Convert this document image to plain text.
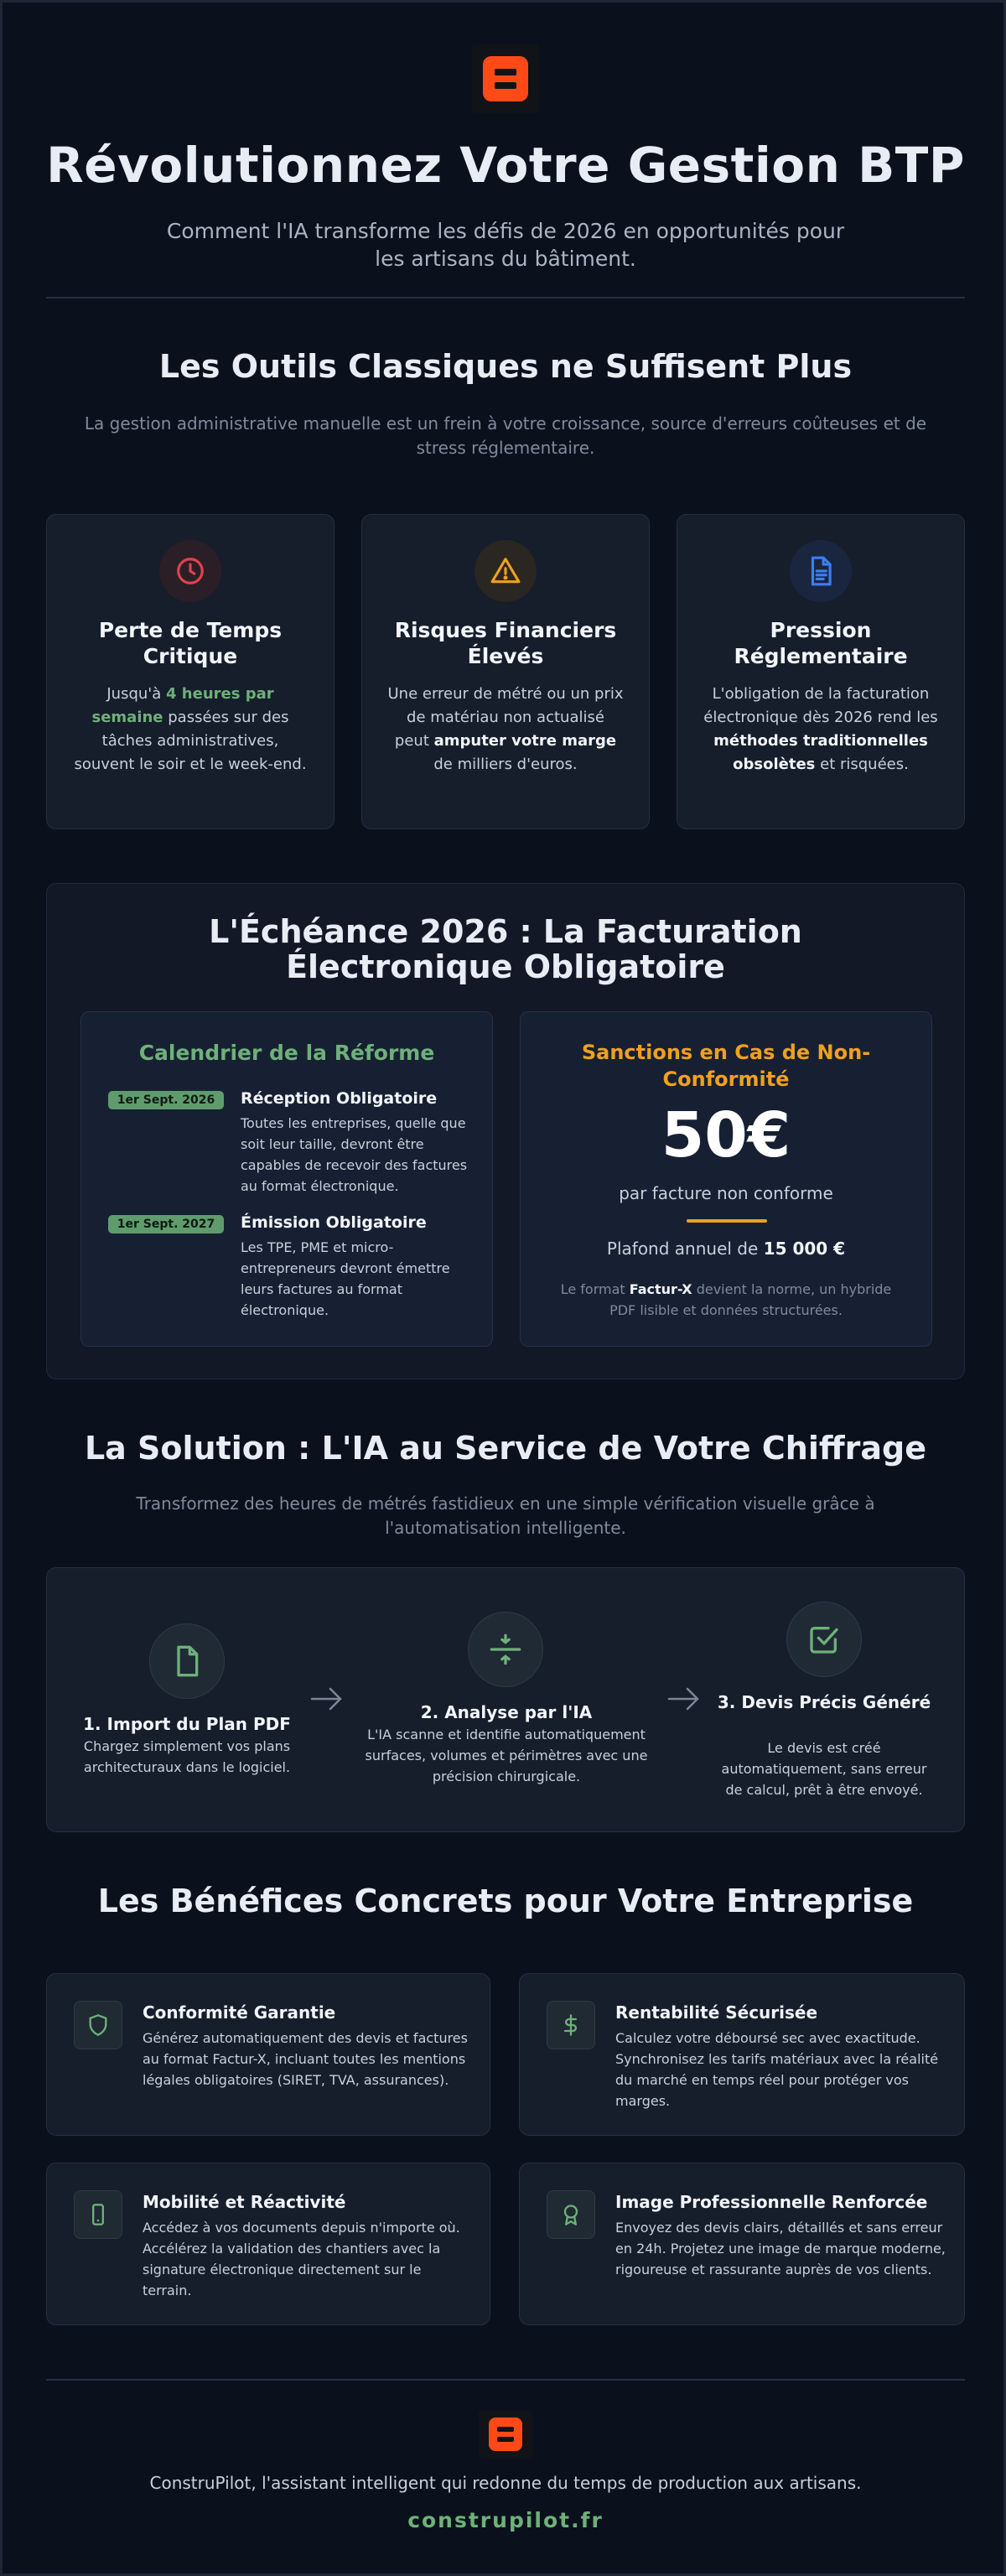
Révolutionnez Votre Gestion BTP
Comment l'IA transforme les défis de 2026 en opportunités pour les artisans du bâtiment.
Les Outils Classiques ne Suffisent Plus
La gestion administrative manuelle est un frein à votre croissance, source d'erreurs coûteuses et de stress réglementaire.
Perte de Temps Critique
Jusqu'à 4 heures par semaine passées sur des tâches administratives, souvent le soir et le week-end.
Risques Financiers Élevés
Une erreur de métré ou un prix de matériau non actualisé peut amputer votre marge de milliers d'euros.
Pression Réglementaire
L'obligation de la facturation électronique dès 2026 rend les méthodes traditionnelles obsolètes et risquées.
L'Échéance 2026 : La Facturation Électronique Obligatoire
Calendrier de la Réforme
1er Sept. 2026	Réception Obligatoire
Toutes les entreprises, quelle que soit leur taille, devront être capables de recevoir des factures au format électronique.
1er Sept. 2027	Émission Obligatoire
Les TPE, PME et micro-entrepreneurs devront émettre leurs factures au format électronique.
Sanctions en Cas de Non-Conformité
50€
par facture non conforme
Plafond annuel de 15 000 €
Le format Factur-X devient la norme, un hybride PDF lisible et données structurées.
La Solution : L'IA au Service de Votre Chiffrage
Transformez des heures de métrés fastidieux en une simple vérification visuelle grâce à l'automatisation intelligente.
1. Import du Plan PDF
Chargez simplement vos plans architecturaux dans le logiciel.
2. Analyse par l'IA
L'IA scanne et identifie automatiquement surfaces, volumes et périmètres avec une précision chirurgicale.
3. Devis Précis Généré
Le devis est créé automatiquement, sans erreur de calcul, prêt à être envoyé.
Les Bénéfices Concrets pour Votre Entreprise
Conformité Garantie
Générez automatiquement des devis et factures au format Factur-X, incluant toutes les mentions légales obligatoires (SIRET, TVA, assurances).
Rentabilité Sécurisée
Calculez votre déboursé sec avec exactitude. Synchronisez les tarifs matériaux avec la réalité du marché en temps réel pour protéger vos marges.
Mobilité et Réactivité
Accédez à vos documents depuis n'importe où. Accélérez la validation des chantiers avec la signature électronique directement sur le terrain.
Image Professionnelle Renforcée
Envoyez des devis clairs, détaillés et sans erreur en 24h. Projetez une image de marque moderne, rigoureuse et rassurante auprès de vos clients.
ConstruPilot, l'assistant intelligent qui redonne du temps de production aux artisans.
construpilot.fr
